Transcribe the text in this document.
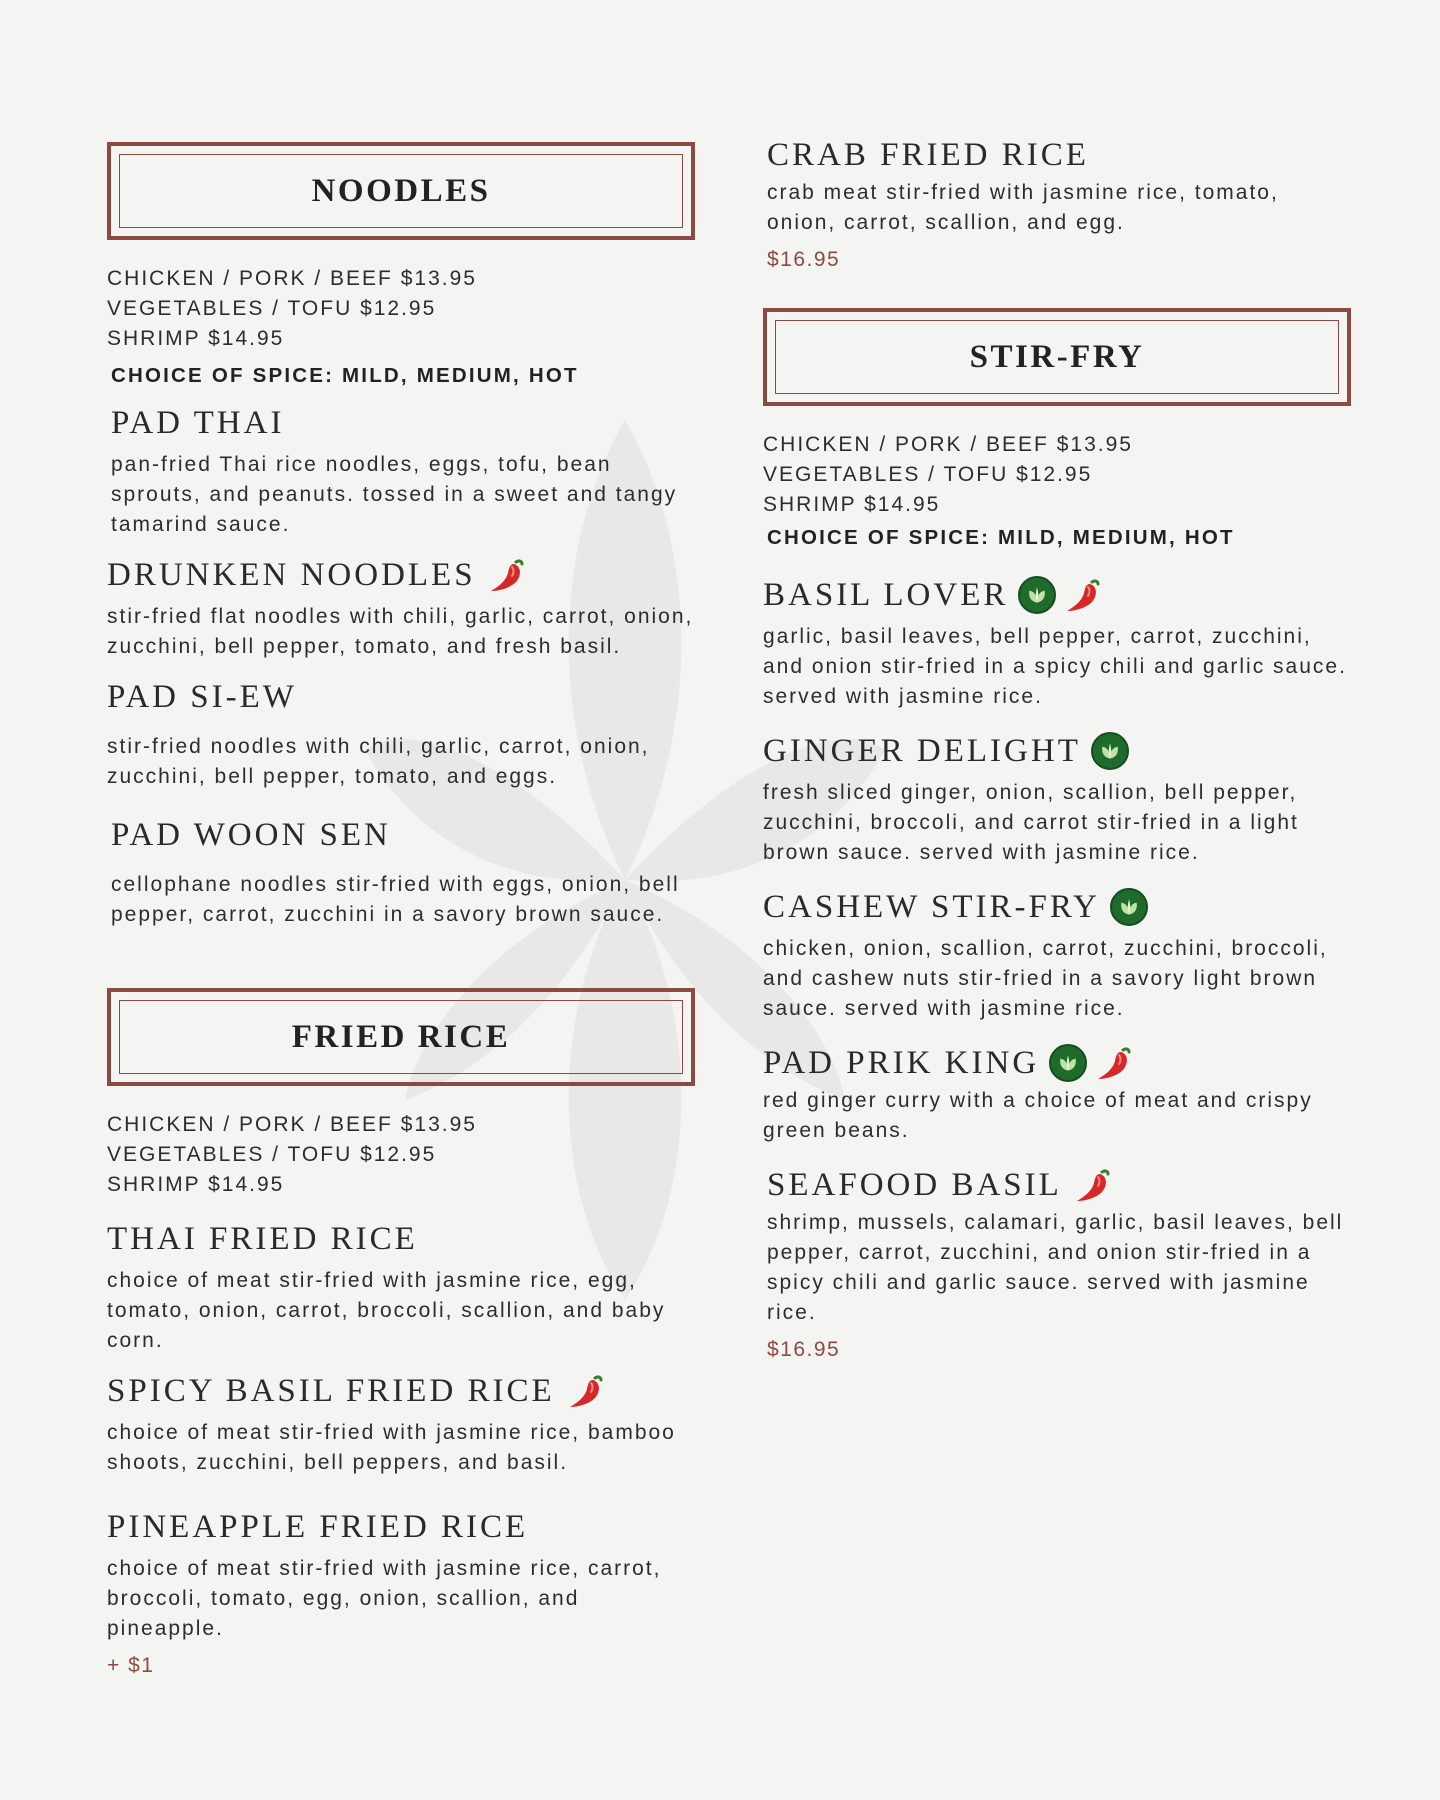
NOODLES
CHICKEN / PORK / BEEF $13.95
VEGETABLES / TOFU $12.95
SHRIMP $14.95
CHOICE OF SPICE: MILD, MEDIUM, HOT
PAD THAI
pan-fried Thai rice noodles, eggs, tofu, bean sprouts, and peanuts. tossed in a sweet and tangy tamarind sauce.
DRUNKEN NOODLES
stir-fried flat noodles with chili, garlic, carrot, onion, zucchini, bell pepper, tomato, and fresh basil.
PAD SI-EW
stir-fried noodles with chili, garlic, carrot, onion, zucchini, bell pepper, tomato, and eggs.
PAD WOON SEN
cellophane noodles stir-fried with eggs, onion, bell pepper, carrot, zucchini in a savory brown sauce.
FRIED RICE
CHICKEN / PORK / BEEF $13.95
VEGETABLES / TOFU $12.95
SHRIMP $14.95
THAI FRIED RICE
choice of meat stir-fried with jasmine rice, egg, tomato, onion, carrot, broccoli, scallion, and baby corn.
SPICY BASIL FRIED RICE
choice of meat stir-fried with jasmine rice, bamboo shoots, zucchini, bell peppers, and basil.
PINEAPPLE FRIED RICE
choice of meat stir-fried with jasmine rice, carrot, broccoli, tomato, egg, onion, scallion, and pineapple.
+ $1
CRAB FRIED RICE
crab meat stir-fried with jasmine rice, tomato, onion, carrot, scallion, and egg.
$16.95
STIR-FRY
CHICKEN / PORK / BEEF $13.95
VEGETABLES / TOFU $12.95
SHRIMP $14.95
CHOICE OF SPICE: MILD, MEDIUM, HOT
BASIL LOVER
garlic, basil leaves, bell pepper, carrot, zucchini, and onion stir-fried in a spicy chili and garlic sauce. served with jasmine rice.
GINGER DELIGHT
fresh sliced ginger, onion, scallion, bell pepper, zucchini, broccoli, and carrot stir-fried in a light brown sauce. served with jasmine rice.
CASHEW STIR-FRY
chicken, onion, scallion, carrot, zucchini, broccoli, and cashew nuts stir-fried in a savory light brown sauce. served with jasmine rice.
PAD PRIK KING
red ginger curry with a choice of meat and crispy green beans.
SEAFOOD BASIL
shrimp, mussels, calamari, garlic, basil leaves, bell pepper, carrot, zucchini, and onion stir-fried in a spicy chili and garlic sauce. served with jasmine rice.
$16.95
